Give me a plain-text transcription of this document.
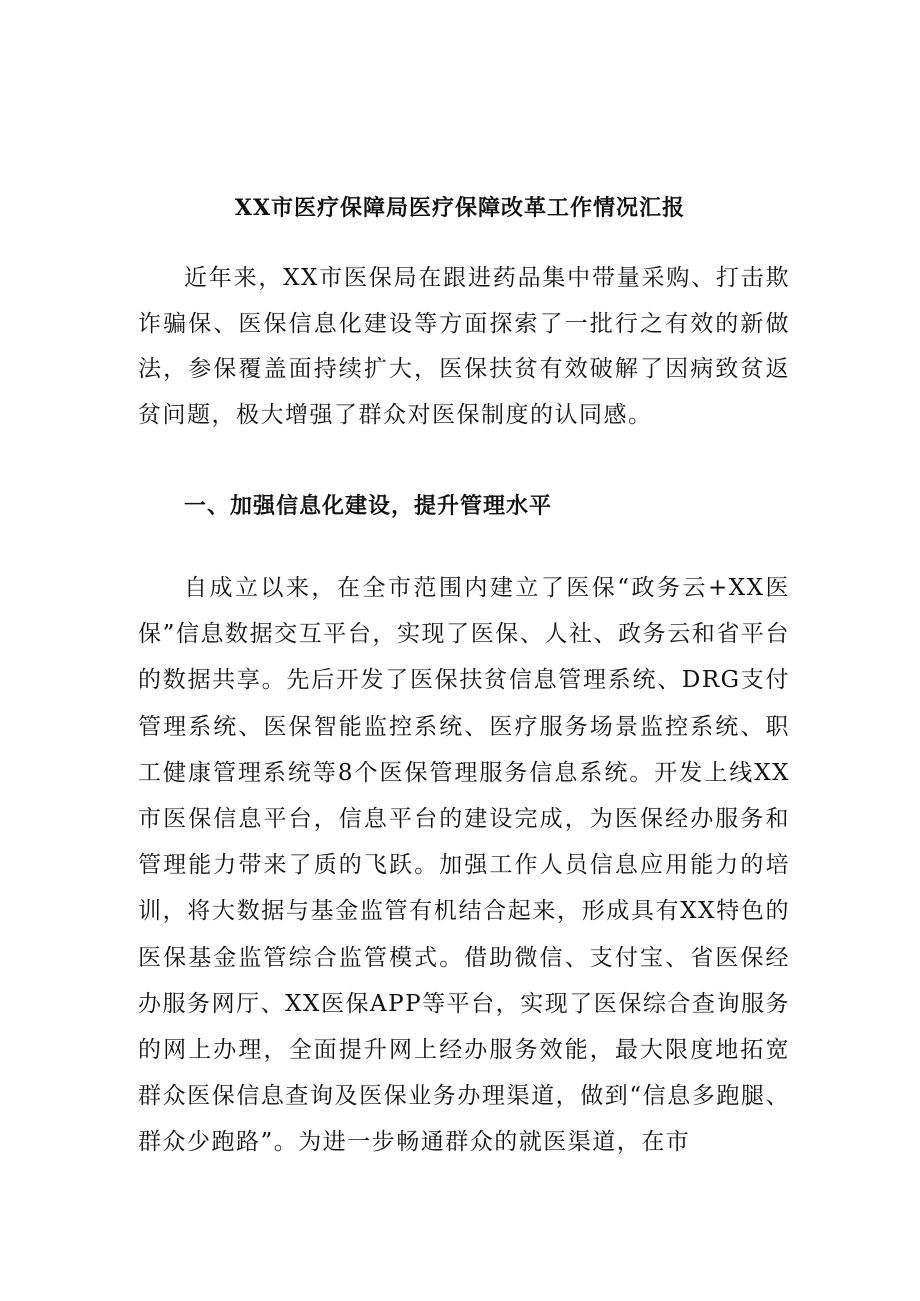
XX市医疗保障局医疗保障改革工作情况汇报

近年来，XX市医保局在跟进药品集中带量采购、打击欺诈骗保、医保信息化建设等方面探索了一批行之有效的新做法，参保覆盖面持续扩大，医保扶贫有效破解了因病致贫返贫问题，极大增强了群众对医保制度的认同感。

一、加强信息化建设，提升管理水平

自成立以来，在全市范围内建立了医保“政务云+XX医保”信息数据交互平台，实现了医保、人社、政务云和省平台的数据共享。先后开发了医保扶贫信息管理系统、DRG支付管理系统、医保智能监控系统、医疗服务场景监控系统、职工健康管理系统等8个医保管理服务信息系统。开发上线XX市医保信息平台，信息平台的建设完成，为医保经办服务和管理能力带来了质的飞跃。加强工作人员信息应用能力的培训，将大数据与基金监管有机结合起来，形成具有XX特色的医保基金监管综合监管模式。借助微信、支付宝、省医保经办服务网厅、XX医保APP等平台，实现了医保综合查询服务的网上办理，全面提升网上经办服务效能，最大限度地拓宽群众医保信息查询及医保业务办理渠道，做到“信息多跑腿、群众少跑路”。为进一步畅通群众的就医渠道，在市
